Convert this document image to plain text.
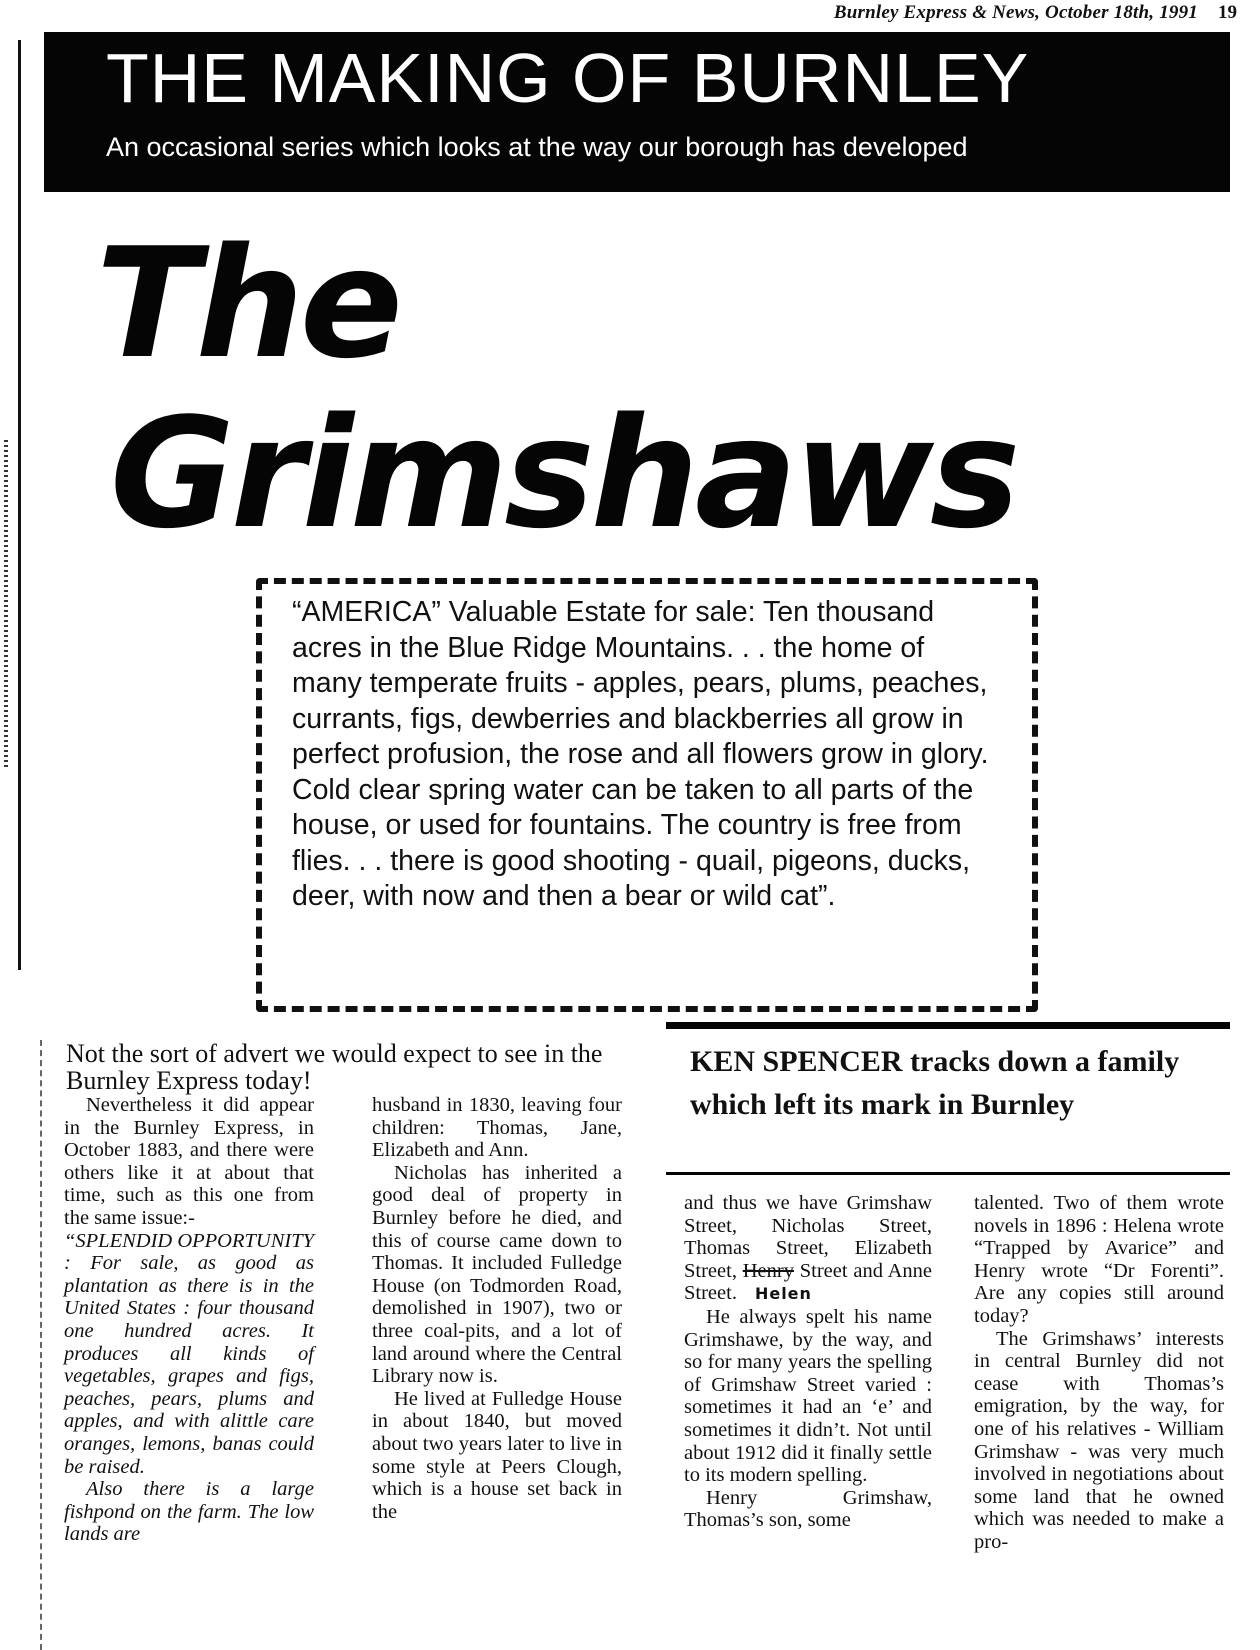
Burnley Express & News, October 18th, 1991 19
THE MAKING OF BURNLEY
An occasional series which looks at the way our borough has developed
The
Grimshaws
“AMERICA” Valuable Estate for sale: Ten thousand acres in the Blue Ridge Mountains. . . the home of many temperate fruits - apples, pears, plums, peaches, currants, figs, dewberries and blackberries all grow in perfect profusion, the rose and all flowers grow in glory. Cold clear spring water can be taken to all parts of the house, or used for fountains. The country is free from flies. . . there is good shooting - quail, pigeons, ducks, deer, with now and then a bear or wild cat”.
Not the sort of advert we would expect to see in the Burnley Express today!

Nevertheless it did appear in the Burnley Express, in October 1883, and there were others like it at about that time, such as this one from the same issue:-

“SPLENDID OPPORTUNITY : For sale, as good as plantation as there is in the United States : four thousand one hundred acres. It produces all kinds of vegetables, grapes and figs, peaches, pears, plums and apples, and with alittle care oranges, lemons, banas could be raised.

Also there is a large fishpond on the farm. The low lands are

husband in 1830, leaving four children: Thomas, Jane, Elizabeth and Ann.

Nicholas has inherited a good deal of property in Burnley before he died, and this of course came down to Thomas. It included Fulledge House (on Todmorden Road, demolished in 1907), two or three coal-pits, and a lot of land around where the Central Library now is.

He lived at Fulledge House in about 1840, but moved about two years later to live in some style at Peers Clough, which is a house set back in the

KEN SPENCER tracks down a family which left its mark in Burnley

and thus we have Grimshaw Street, Nicholas Street, Thomas Street, Elizabeth Street, Henry Street and Anne Street. Helen

He always spelt his name Grimshawe, by the way, and so for many years the spelling of Grimshaw Street varied : sometimes it had an ‘e’ and sometimes it didn’t. Not until about 1912 did it finally settle to its modern spelling.

Henry Grimshaw, Thomas’s son, some

talented. Two of them wrote novels in 1896 : Helena wrote “Trapped by Avarice” and Henry wrote “Dr Forenti”. Are any copies still around today?

The Grimshaws’ interests in central Burnley did not cease with Thomas’s emigration, by the way, for one of his relatives - William Grimshaw - was very much involved in negotiations about some land that he owned which was needed to make a pro-
